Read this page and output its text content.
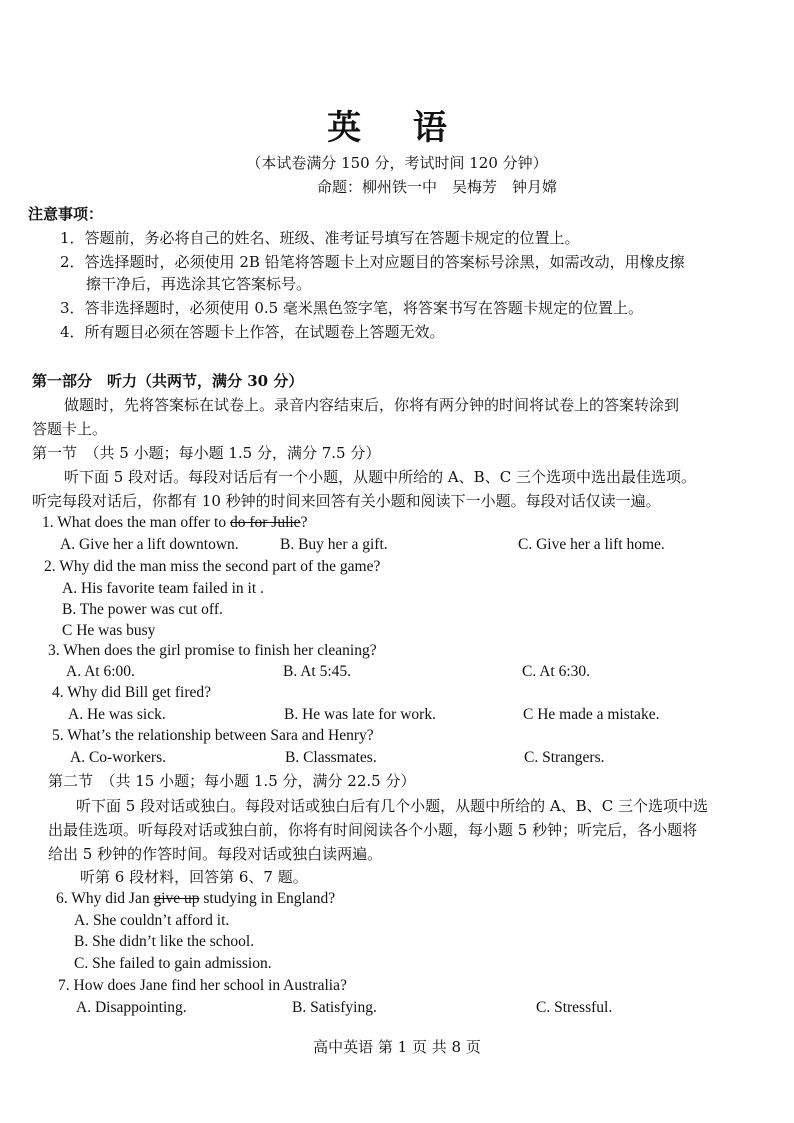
英 语
（本试卷满分 150 分，考试时间 120 分钟）
命题：柳州铁一中　吴梅芳　钟月嫦
注意事项：
1．答题前，务必将自己的姓名、班级、准考证号填写在答题卡规定的位置上。
2．答选择题时，必须使用 2B 铅笔将答题卡上对应题目的答案标号涂黑，如需改动，用橡皮擦
擦干净后，再选涂其它答案标号。
3．答非选择题时，必须使用 0.5 毫米黑色签字笔，将答案书写在答题卡规定的位置上。
4．所有题目必须在答题卡上作答，在试题卷上答题无效。
第一部分　听力（共两节，满分 30 分）
做题时，先将答案标在试卷上。录音内容结束后，你将有两分钟的时间将试卷上的答案转涂到
答题卡上。
第一节　（共 5 小题；每小题 1.5 分，满分 7.5 分）
听下面 5 段对话。每段对话后有一个小题，从题中所给的 A、B、C 三个选项中选出最佳选项。
听完每段对话后，你都有 10 秒钟的时间来回答有关小题和阅读下一小题。每段对话仅读一遍。
1. What does the man offer to do for Julie?
A. Give her a lift downtown.	B. Buy her a gift.	C. Give her a lift home.
2. Why did the man miss the second part of the game?
A. His favorite team failed in it .
B. The power was cut off.
C He was busy
3. When does the girl promise to finish her cleaning?
A. At 6:00.	B. At 5:45.	C. At 6:30.
4. Why did Bill get fired?
A. He was sick.	B. He was late for work.	C He made a mistake.
5. What’s the relationship between Sara and Henry?
A. Co-workers.	B. Classmates.	C. Strangers.
第二节　（共 15 小题；每小题 1.5 分，满分 22.5 分）
听下面 5 段对话或独白。每段对话或独白后有几个小题，从题中所给的 A、B、C 三个选项中选
出最佳选项。听每段对话或独白前，你将有时间阅读各个小题，每小题 5 秒钟；听完后，各小题将
给出 5 秒钟的作答时间。每段对话或独白读两遍。
听第 6 段材料，回答第 6、7 题。
6. Why did Jan give up studying in England?
A. She couldn’t afford it.
B. She didn’t like the school.
C. She failed to gain admission.
7. How does Jane find her school in Australia?
A. Disappointing.	B. Satisfying.	C. Stressful.
高中英语 第 1 页 共 8 页
